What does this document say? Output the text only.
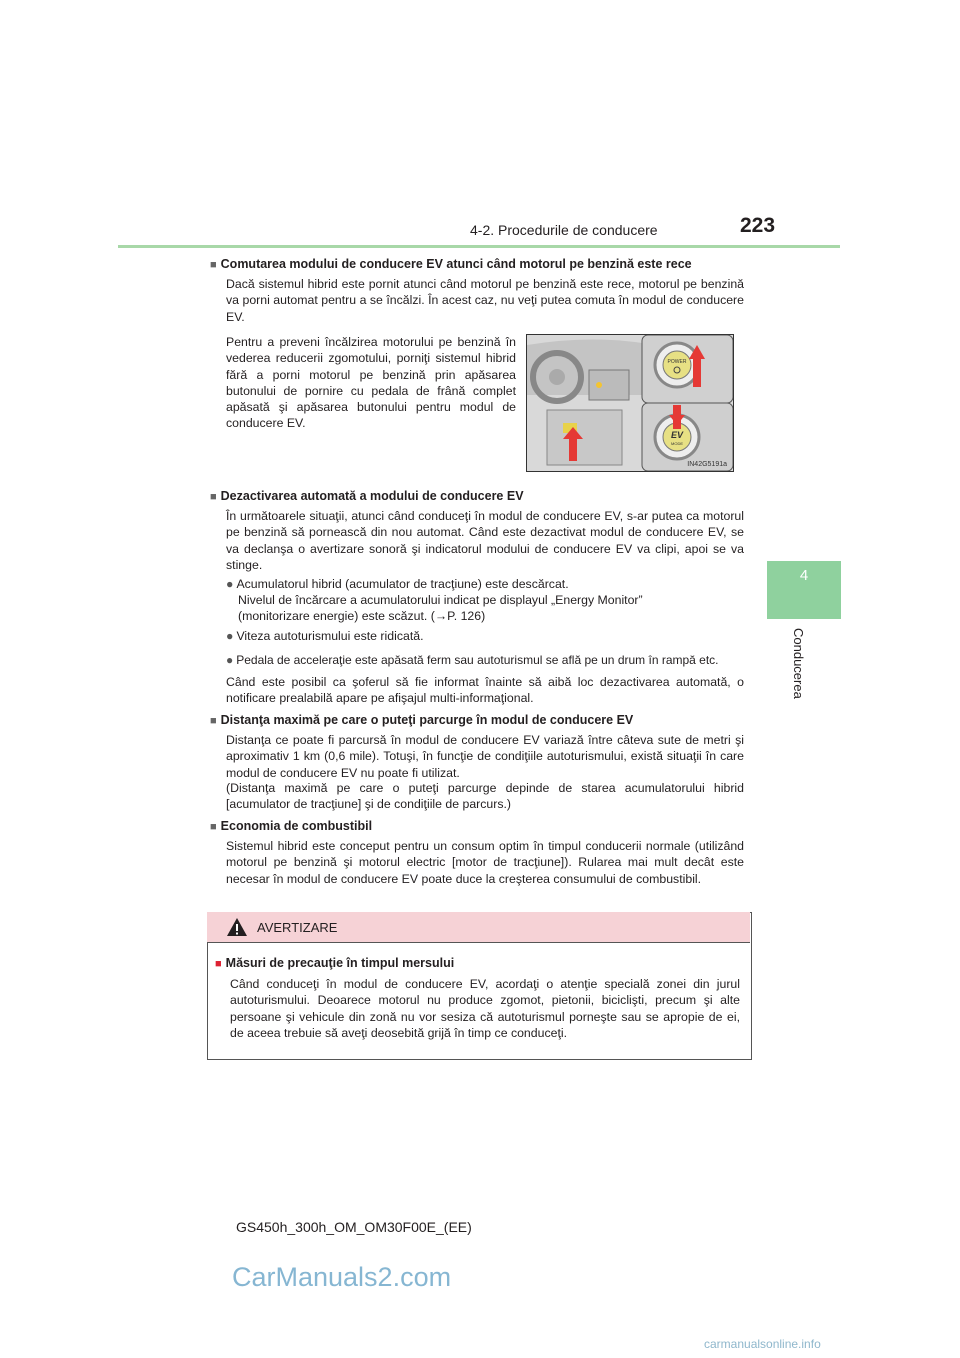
4-2. Procedurile de conducere	223
4
Conducerea
■ Comutarea modului de conducere EV atunci când motorul pe benzină este rece
Dacă sistemul hibrid este pornit atunci când motorul pe benzină este rece, motorul pe benzină va porni automat pentru a se încălzi. În acest caz, nu veţi putea comuta în modul de conducere EV.
Pentru a preveni încălzirea motorului pe benzină în vederea reducerii zgomotului, porniţi sistemul hibrid fără a porni motorul pe benzină prin apăsarea butonului de pornire cu pedala de frână complet apăsată şi apăsarea butonului pentru modul de conducere EV.
POWER
EV
MODE
IN42G5191a
■ Dezactivarea automată a modului de conducere EV
În următoarele situaţii, atunci când conduceţi în modul de conducere EV, s-ar putea ca motorul pe benzină să pornească din nou automat. Când este dezactivat modul de conducere EV, se va declanşa o avertizare sonoră şi indicatorul modului de conducere EV va clipi, apoi se va stinge.
● Acumulatorul hibrid (acumulator de tracţiune) este descărcat.
Nivelul de încărcare a acumulatorului indicat pe displayul „Energy Monitor”
(monitorizare energie) este scăzut. (→P. 126)
● Viteza autoturismului este ridicată.
● Pedala de acceleraţie este apăsată ferm sau autoturismul se află pe un drum în rampă etc.
Când este posibil ca şoferul să fie informat înainte să aibă loc dezactivarea automată, o notificare prealabilă apare pe afişajul multi-informaţional.
■ Distanţa maximă pe care o puteţi parcurge în modul de conducere EV
Distanţa ce poate fi parcursă în modul de conducere EV variază între câteva sute de metri şi aproximativ 1 km (0,6 mile). Totuşi, în funcţie de condiţiile autoturismului, există situaţii în care modul de conducere EV nu poate fi utilizat.
(Distanţa maximă pe care o puteţi parcurge depinde de starea acumulatorului hibrid [acumulator de tracţiune] şi de condiţiile de parcurs.)
■ Economia de combustibil
Sistemul hibrid este conceput pentru un consum optim în timpul conducerii normale (utilizând motorul pe benzină şi motorul electric [motor de tracţiune]). Rularea mai mult decât este necesar în modul de conducere EV poate duce la creşterea consumului de combustibil.
AVERTIZARE
■ Măsuri de precauţie în timpul mersului
Când conduceţi în modul de conducere EV, acordaţi o atenţie specială zonei din jurul autoturismului. Deoarece motorul nu produce zgomot, pietonii, biciclişti, precum şi alte persoane şi vehicule din zonă nu vor sesiza că autoturismul porneşte sau se apropie de ei, de aceea trebuie să aveţi deosebită grijă în timp ce conduceţi.
GS450h_300h_OM_OM30F00E_(EE)
CarManuals2.com
carmanualsonline.info
